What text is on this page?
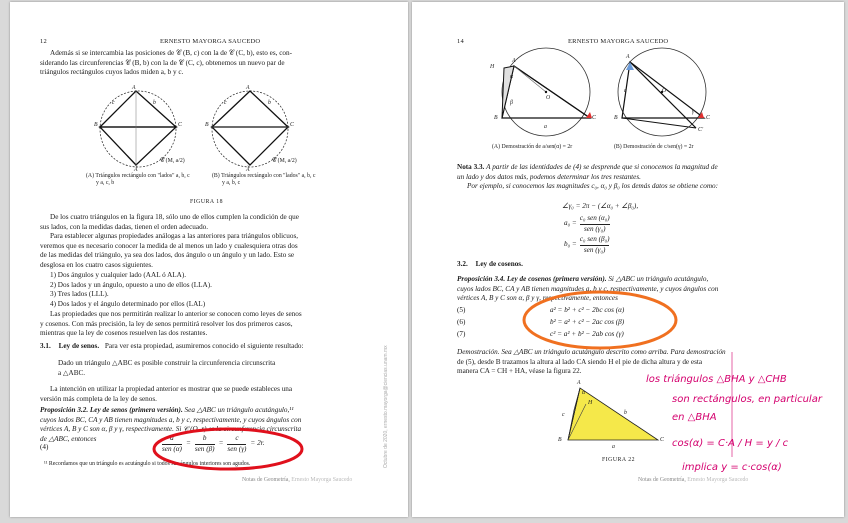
12	ERNESTO MAYORGA SAUCEDO
Además si se intercambia las posiciones de 𝒞 (B, c) con la de 𝒞 (C, b), esto es, con-
siderando las circunferencias 𝒞 (B, b) con la de 𝒞 (C, c), obtenemos un nuevo par de
triángulos rectángulos cuyos lados miden a, b y c.
A
B	C
Ã
b
c
𝒞 (M, a/2)
A
B	C
Ã
b
c
𝒞 (M, a/2)
(A) Triángulos rectángulo con "lados" a, b, c
y a, c, b
(B) Triángulos rectángulo con "lados" a, b, c
y a, b, c
FIGURA 18
De los cuatro triángulos en la figura 18, sólo uno de ellos cumplen la condición de que
sus lados, con la medidas dadas, tienen el orden adecuado.
Para establecer algunas propiedades análogas a las anteriores para triángulos oblicuos,
veremos que es necesario conocer la medida de al menos un lado y cualesquiera otras dos
de las medidas del triángulo, ya sea dos lados, dos ángulo o un ángulo y un lado. Esto se
desglosa en los cuatro casos siguientes.
1) Dos ángulos y cualquier lado (AAL ó ALA).
2) Dos lados y un ángulo, opuesto a uno de ellos (LLA).
3) Tres lados (LLL).
4) Dos lados y el ángulo determinado por ellos (LAL)
Las propiedades que nos permitirán realizar lo anterior se conocen como leyes de senos
y cosenos. Con más precisión, la ley de senos permitirá resolver los dos primeros casos,
mientras que la ley de cosenos resuelven las dos restantes.
3.1. Ley de senos. Para ver esta propiedad, asumiremos conocido el siguiente resultado:
Dado un triángulo △ABC es posible construir la circunferencia circunscrita
a △ABC.
La intención en utilizar la propiedad anterior es mostrar que se puede estableces una
versión más completa de la ley de senos.
Proposición 3.2. Ley de senos (primera versión). Sea △ABC un triángulo acutángulo,¹¹
cuyos lados BC, CA y AB tienen magnitudes a, b y c, respectivamente, y cuyos ángulos con
vértices A, B y C son α, β y γ, respectivamente. Si 𝒞 (O, r) es la circunferencia circunscrita
de △ABC, entonces
(4)
a
sen (α)
=
b
sen (β)
=
c
sen (γ)
= 2r.
¹¹ Recordamos que un triángulo es acutángulo si todos sus ángulos interiores son agudos.
Notas de Geometría, Ernesto Mayorga Saucedo
Octubre de 2020, ernesto.mayorga@ciencias.unam.mx
14	ERNESTO MAYORGA SAUCEDO
H
A
α
β
O
B	C
a
A
O
B	C
C′
γ
c
(A) Demostración de a/sen(α) = 2r	(B) Demostración de c/sen(γ) = 2r
Nota 3.3. A partir de las identidades de (4) se desprende que si conocemos la magnitud de
un lado y dos datos más, podemos determinar los tres restantes.
Por ejemplo, si conocemos las magnitudes c₀, α₀ y β₀ los demás datos se obtiene como:
∠γ₀ = 2π − (∠α₀ + ∠β₀),
a₀ =
c₀ sen (α₀)
sen (γ₀)
b₀ =
c₀ sen (β₀)
sen (γ₀)
3.2. Ley de cosenos.
Proposición 3.4. Ley de cosenos (primera versión). Si △ABC un triángulo acutángulo,
cuyos lados BC, CA y AB tienen magnitudes a, b y c, respectivamente, y cuyos ángulos con
vértices A, B y C son α, β y γ, respectivamente, entonces
(5)	a² = b² + c² − 2bc cos (α)
(6)	b² = a² + c² − 2ac cos (β)
(7)	c² = a² + b² − 2ab cos (γ)
Demostración. Sea △ABC un triángulo acutángulo descrito como arriba. Para demostración
de (5), desde B trazamos la altura al lado CA siendo H el pie de dicha altura y de esta
manera CA = CH + HA, véase la figura 22.
A
H
B	C
α
c	b
a
FIGURA 22
Notas de Geometría, Ernesto Mayorga Saucedo
los triángulos △BHA y △CHB
son rectángulos, en particular
en △BHA
cos(α) = C·A / H = y / c
implica y = c·cos(α)
